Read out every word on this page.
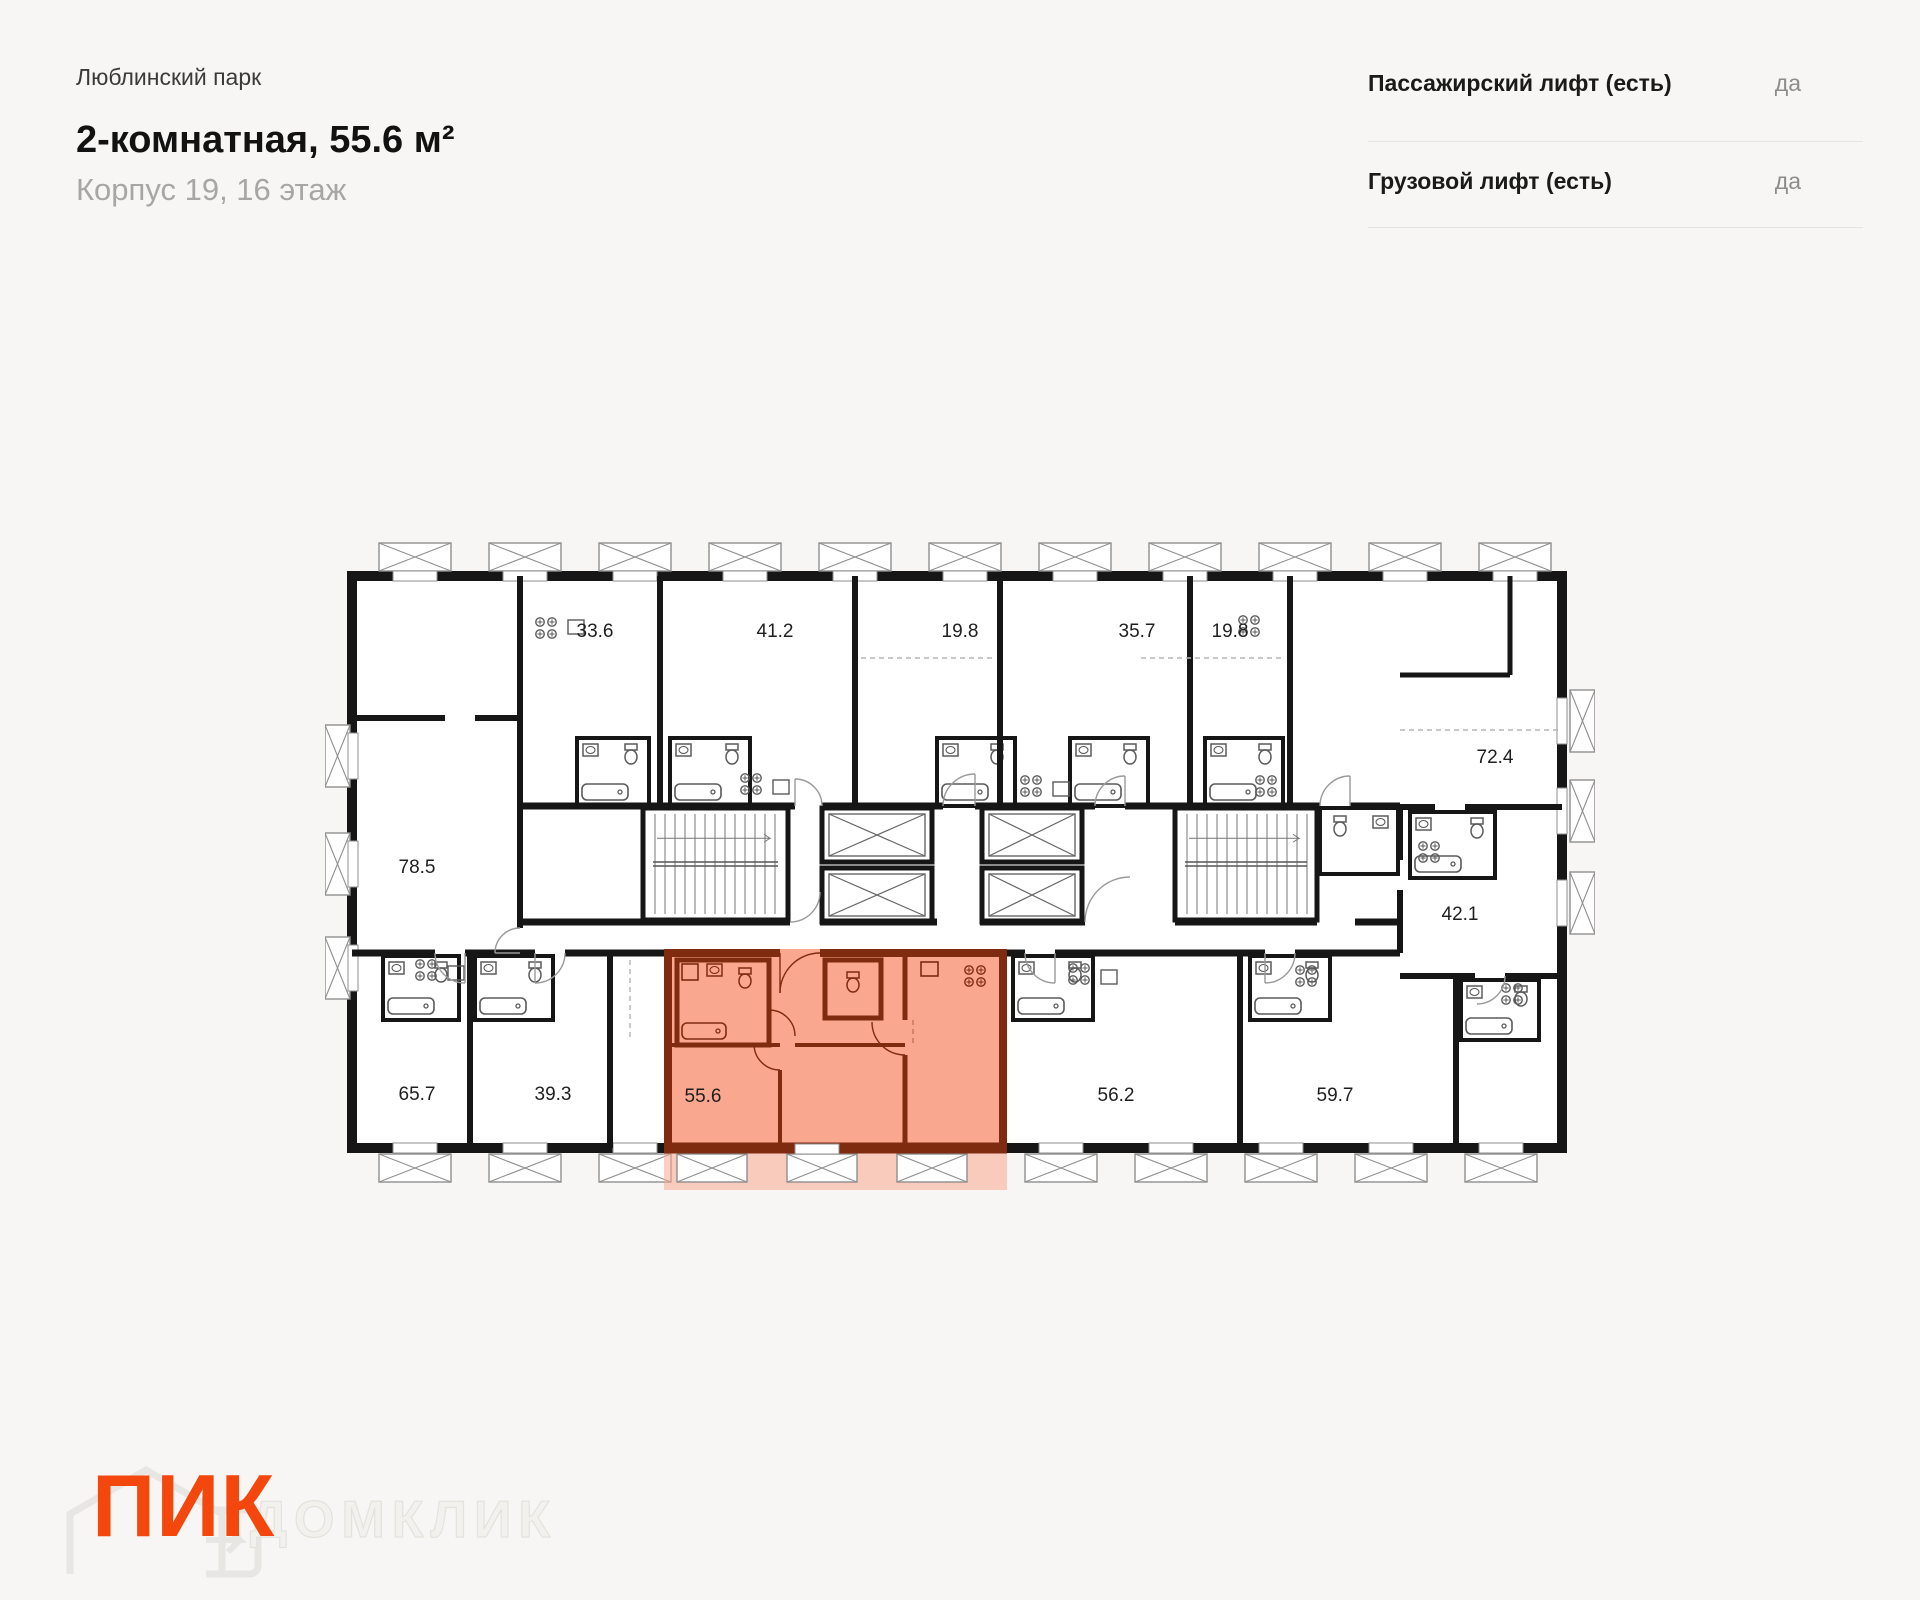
Люблинский парк

2-комнатная, 55.6 м²

Корпус 19, 16 этаж

Пассажирский лифт (есть)	да
Грузовой лифт (есть)	да
33.6	41.2	19.8	35.7	19.8
72.4
78.5
42.1
65.7	39.3	55.6	56.2	59.7
ДОМКЛИК
ПИК
